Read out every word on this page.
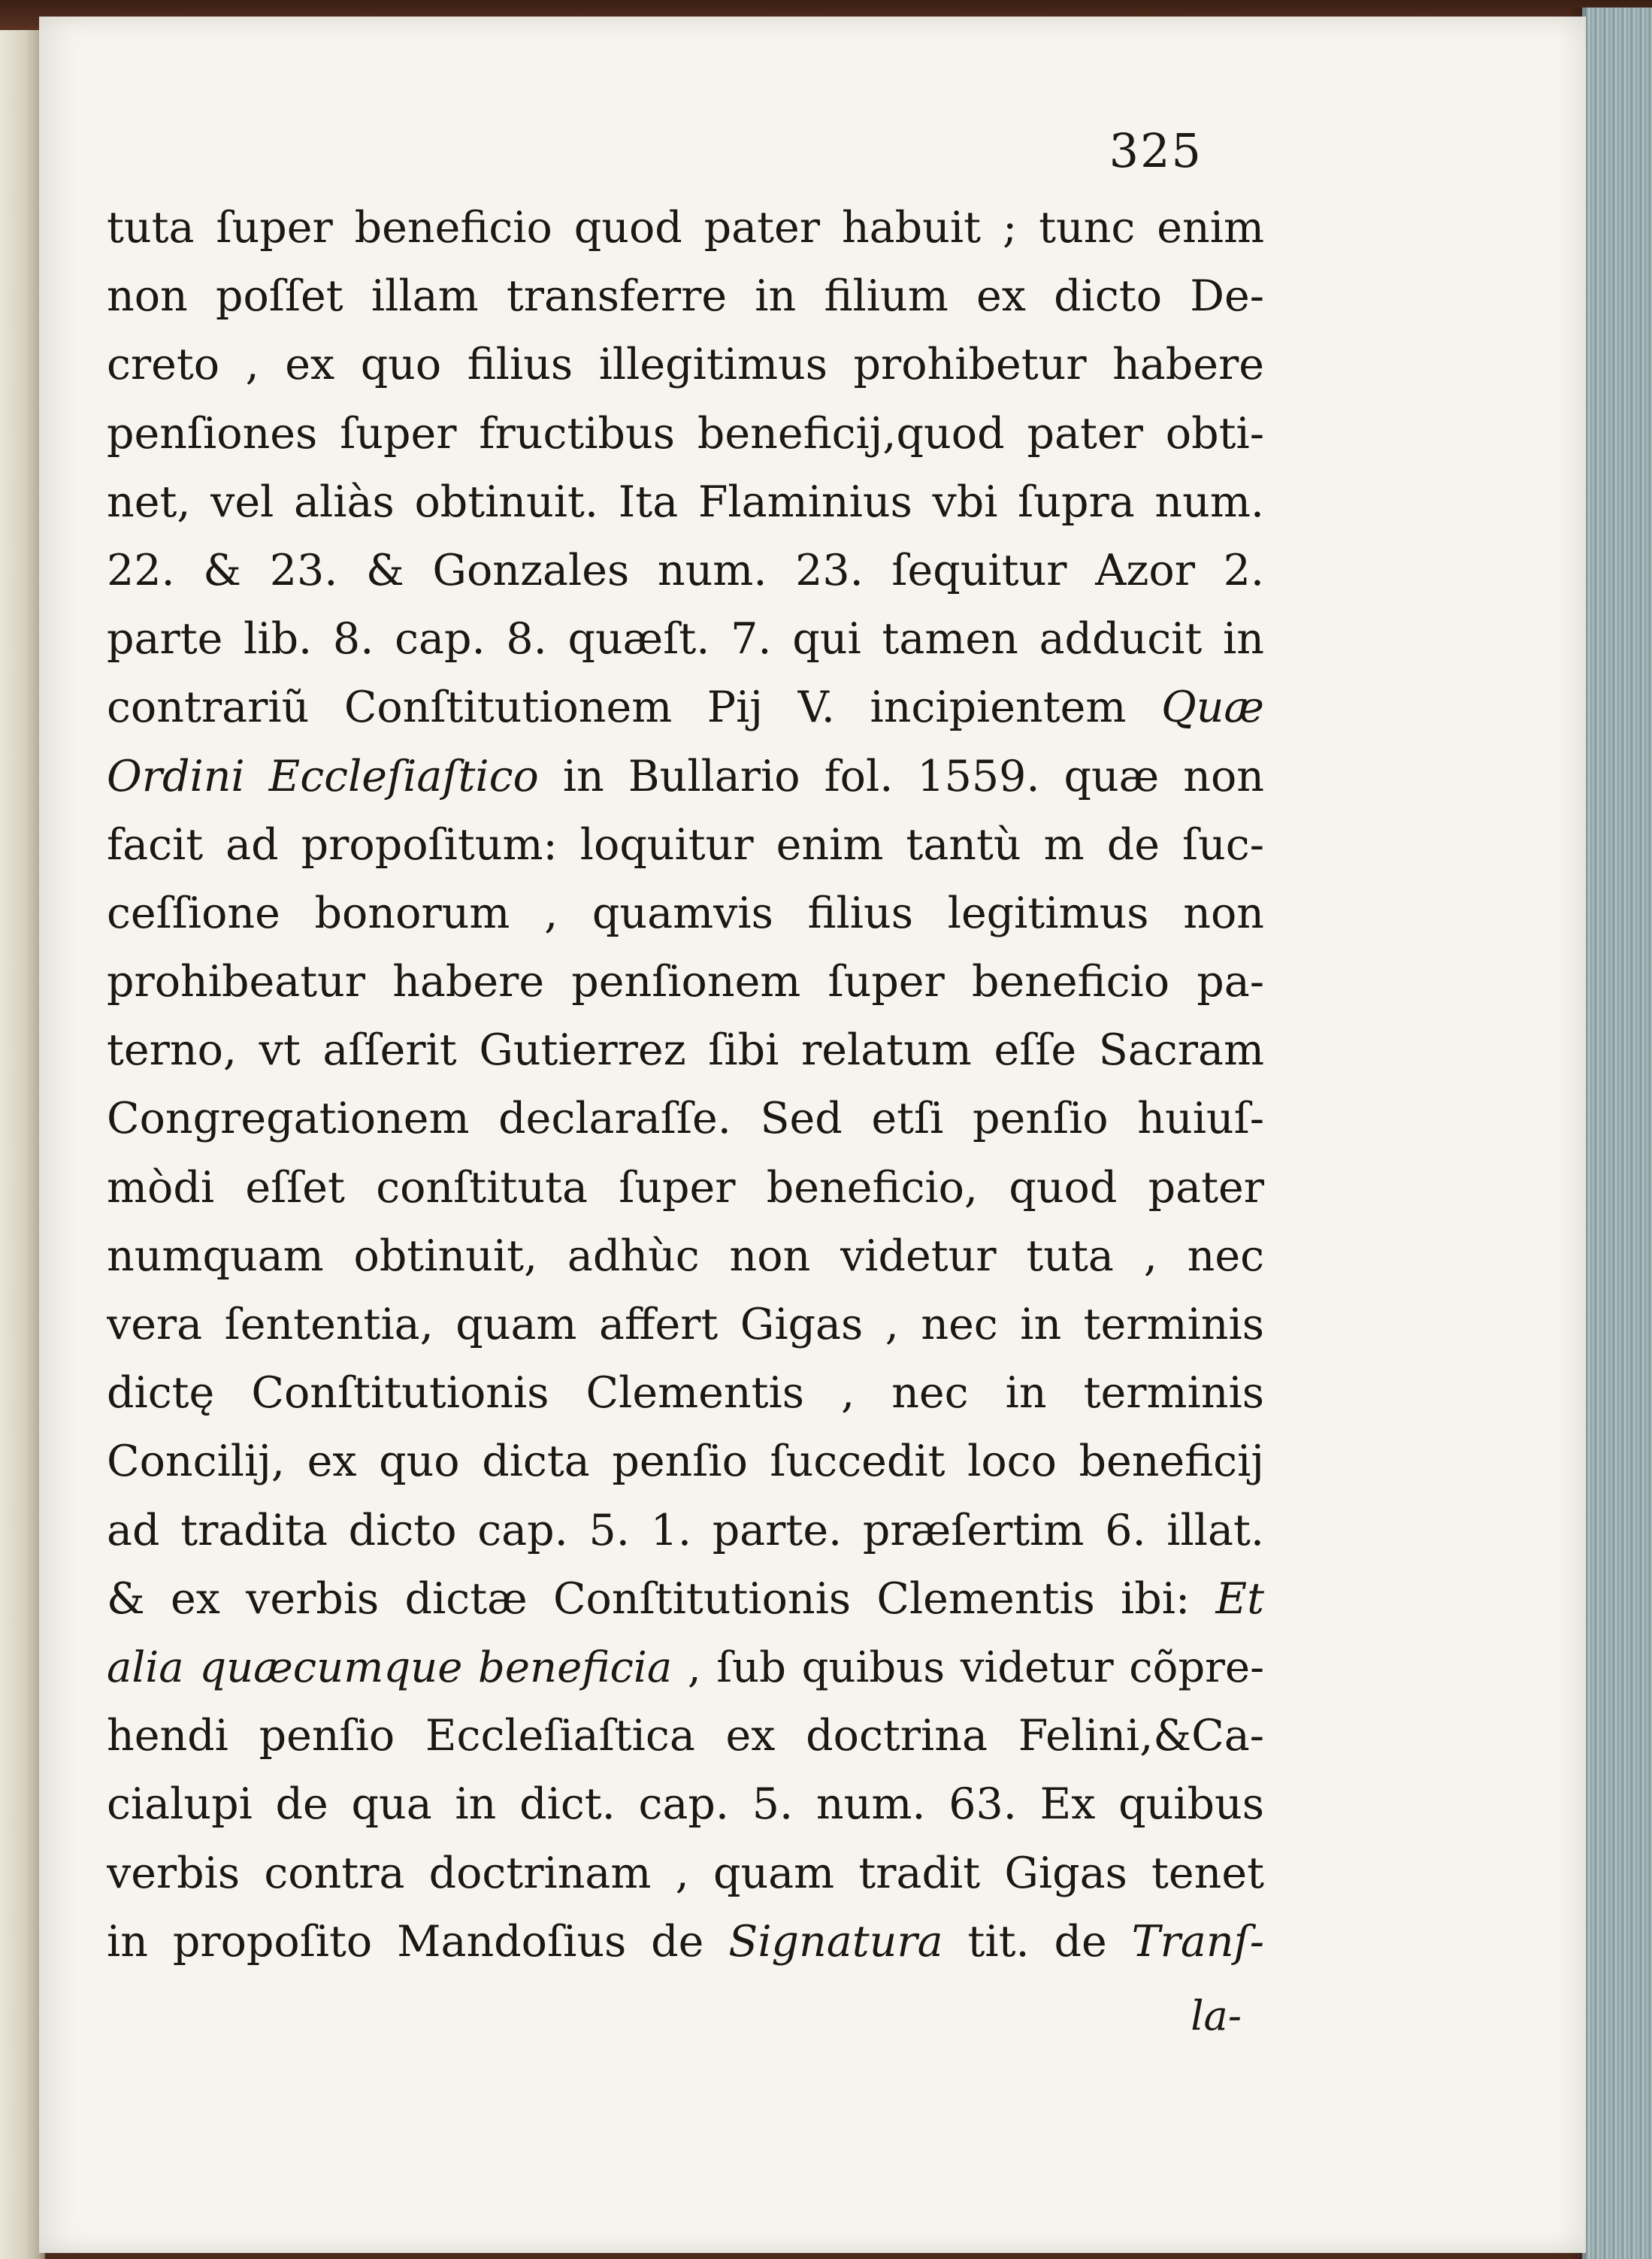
325
tuta ſuper beneficio quod pater habuit ; tunc enim
non poſſet illam transferre in filium ex dicto De-
creto , ex quo filius illegitimus prohibetur habere
penſiones ſuper fructibus beneficij,quod pater obti-
net, vel aliàs obtinuit. Ita Flaminius vbi ſupra num.
22. & 23. & Gonzales num. 23. ſequitur Azor 2.
parte lib. 8. cap. 8. quæſt. 7. qui tamen adducit in
contrariũ Conſtitutionem Pij V. incipientem Quæ
Ordini Eccleſiaſtico in Bullario fol. 1559. quæ non
facit ad propoſitum: loquitur enim tantù m de ſuc-
ceſſione bonorum , quamvis filius legitimus non
prohibeatur habere penſionem ſuper beneficio pa-
terno, vt aſſerit Gutierrez ſibi relatum eſſe Sacram
Congregationem declaraſſe. Sed etſi penſio huiuſ-
mòdi eſſet conſtituta ſuper beneficio, quod pater
numquam obtinuit, adhùc non videtur tuta , nec
vera ſententia, quam affert Gigas , nec in terminis
dictę Conſtitutionis Clementis , nec in terminis
Concilij, ex quo dicta penſio ſuccedit loco beneficij
ad tradita dicto cap. 5. 1. parte. præſertim 6. illat.
& ex verbis dictæ Conſtitutionis Clementis ibi: Et
alia quæcumque beneficia , ſub quibus videtur cõpre-
hendi penſio Eccleſiaſtica ex doctrina Felini,&Ca-
cialupi de qua in dict. cap. 5. num. 63. Ex quibus
verbis contra doctrinam , quam tradit Gigas tenet
in propoſito Mandoſius de Signatura tit. de Tranſ-
la-
